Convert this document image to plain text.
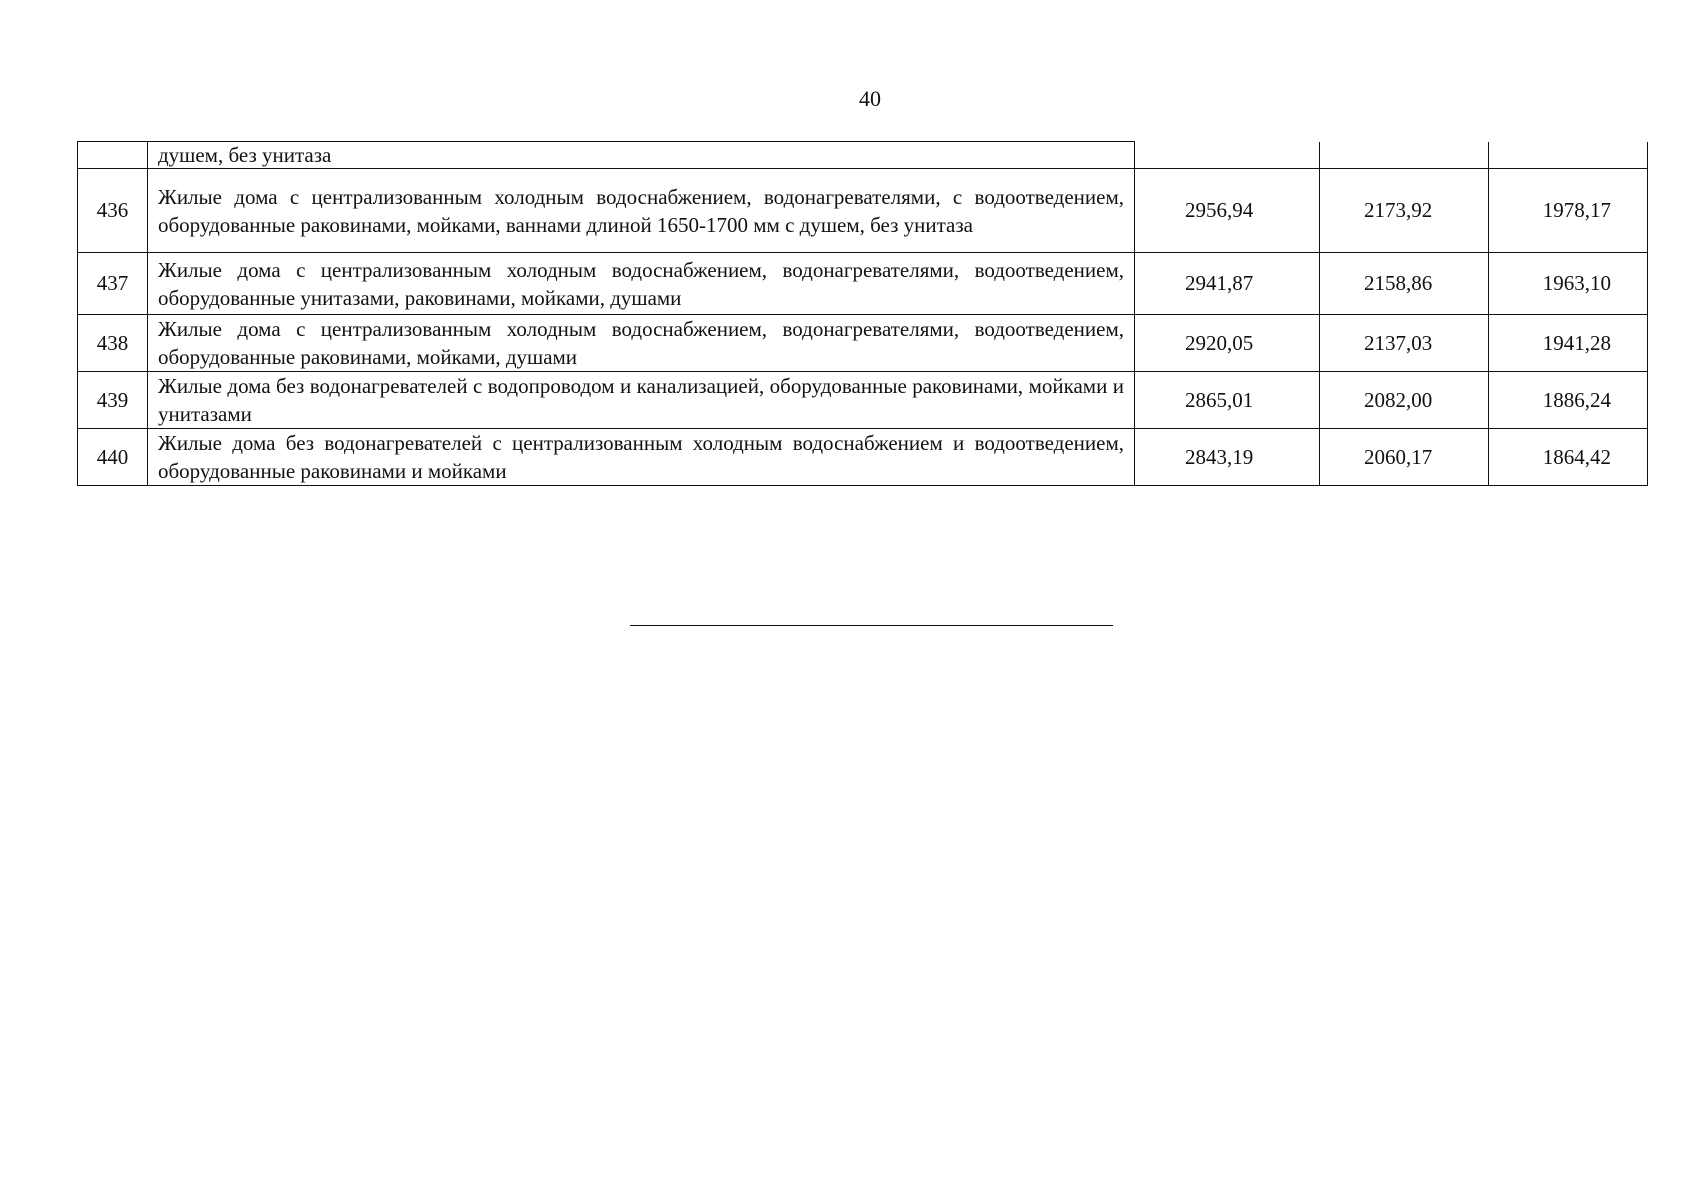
40
	душем, без унитаза			
436	Жилые дома с централизованным холодным водоснабжением, водонагревателями, с водоотведением, оборудованные раковинами, мойками, ваннами длиной 1650-1700 мм с душем, без унитаза	2956,94	2173,92	1978,17
437	Жилые дома с централизованным холодным водоснабжением, водонагревателями, водоотведением, оборудованные унитазами, раковинами, мойками, душами	2941,87	2158,86	1963,10
438	Жилые дома с централизованным холодным водоснабжением, водонагревателями, водоотведением, оборудованные раковинами, мойками, душами	2920,05	2137,03	1941,28
439	Жилые дома без водонагревателей с водопроводом и канализацией, оборудованные раковинами, мойками и унитазами	2865,01	2082,00	1886,24
440	Жилые дома без водонагревателей с централизованным холодным водоснабжением и водоотведением, оборудованные раковинами и мойками	2843,19	2060,17	1864,42
